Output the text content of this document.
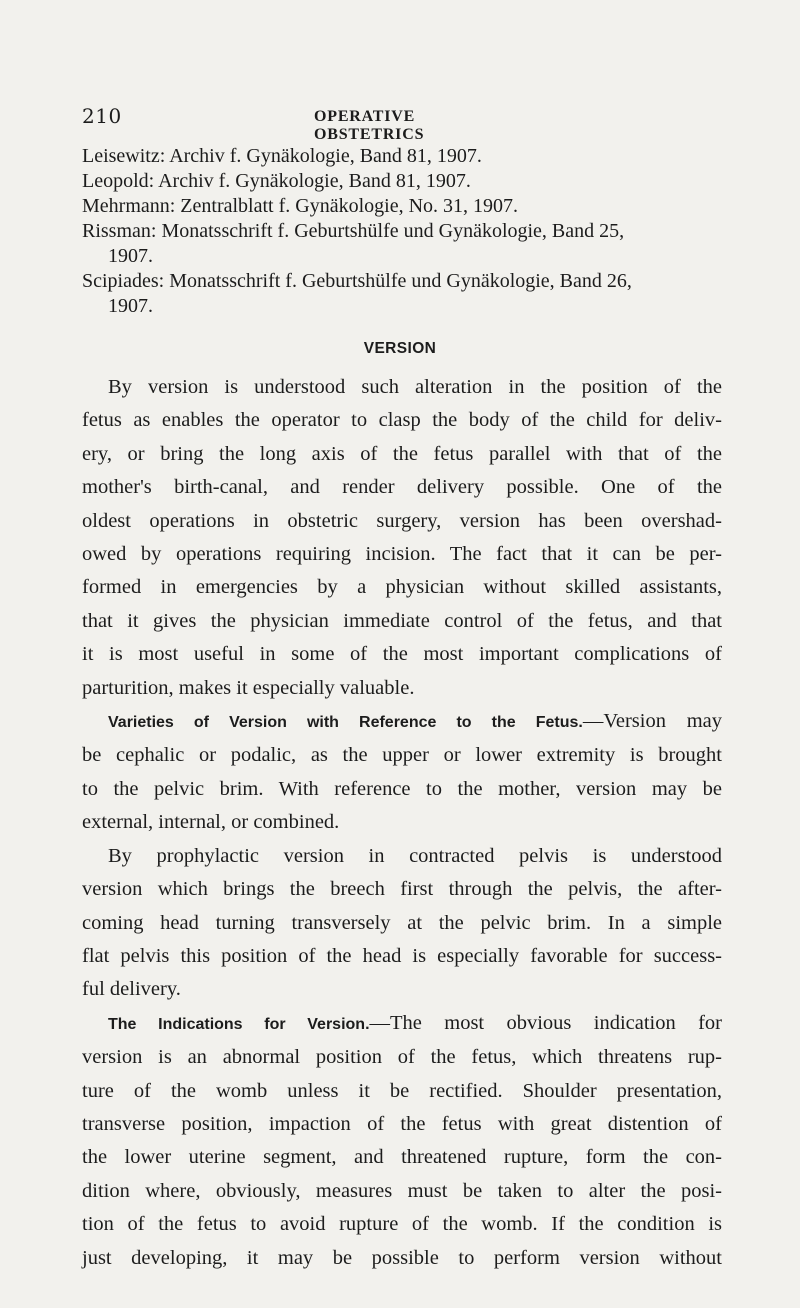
210	OPERATIVE OBSTETRICS
Leisewitz: Archiv f. Gynäkologie, Band 81, 1907.
Leopold: Archiv f. Gynäkologie, Band 81, 1907.
Mehrmann: Zentralblatt f. Gynäkologie, No. 31, 1907.
Rissman: Monatsschrift f. Geburtshülfe und Gynäkologie, Band 25,
1907.
Scipiades: Monatsschrift f. Geburtshülfe und Gynäkologie, Band 26,
1907.
VERSION
By version is understood such alteration in the position of the
fetus as enables the operator to clasp the body of the child for deliv-
ery, or bring the long axis of the fetus parallel with that of the
mother's birth-canal, and render delivery possible. One of the
oldest operations in obstetric surgery, version has been overshad-
owed by operations requiring incision. The fact that it can be per-
formed in emergencies by a physician without skilled assistants,
that it gives the physician immediate control of the fetus, and that
it is most useful in some of the most important complications of
parturition, makes it especially valuable.
Varieties of Version with Reference to the Fetus.—Version may
be cephalic or podalic, as the upper or lower extremity is brought
to the pelvic brim. With reference to the mother, version may be
external, internal, or combined.
By prophylactic version in contracted pelvis is understood
version which brings the breech first through the pelvis, the after-
coming head turning transversely at the pelvic brim. In a simple
flat pelvis this position of the head is especially favorable for success-
ful delivery.
The Indications for Version.—The most obvious indication for
version is an abnormal position of the fetus, which threatens rup-
ture of the womb unless it be rectified. Shoulder presentation,
transverse position, impaction of the fetus with great distention of
the lower uterine segment, and threatened rupture, form the con-
dition where, obviously, measures must be taken to alter the posi-
tion of the fetus to avoid rupture of the womb. If the condition is
just developing, it may be possible to perform version without
